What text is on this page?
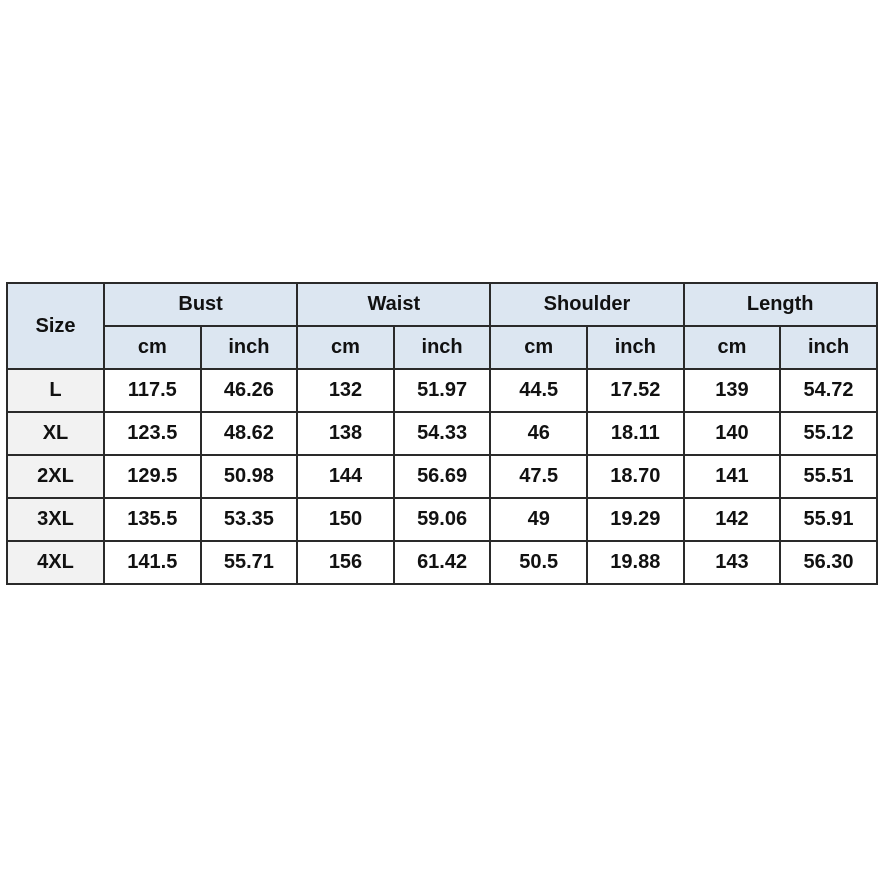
Size	Bust		Waist		Shoulder		Length	
	cm	inch	cm	inch	cm	inch	cm	inch
L	117.5	46.26	132	51.97	44.5	17.52	139	54.72
XL	123.5	48.62	138	54.33	46	18.11	140	55.12
2XL	129.5	50.98	144	56.69	47.5	18.70	141	55.51
3XL	135.5	53.35	150	59.06	49	19.29	142	55.91
4XL	141.5	55.71	156	61.42	50.5	19.88	143	56.30
